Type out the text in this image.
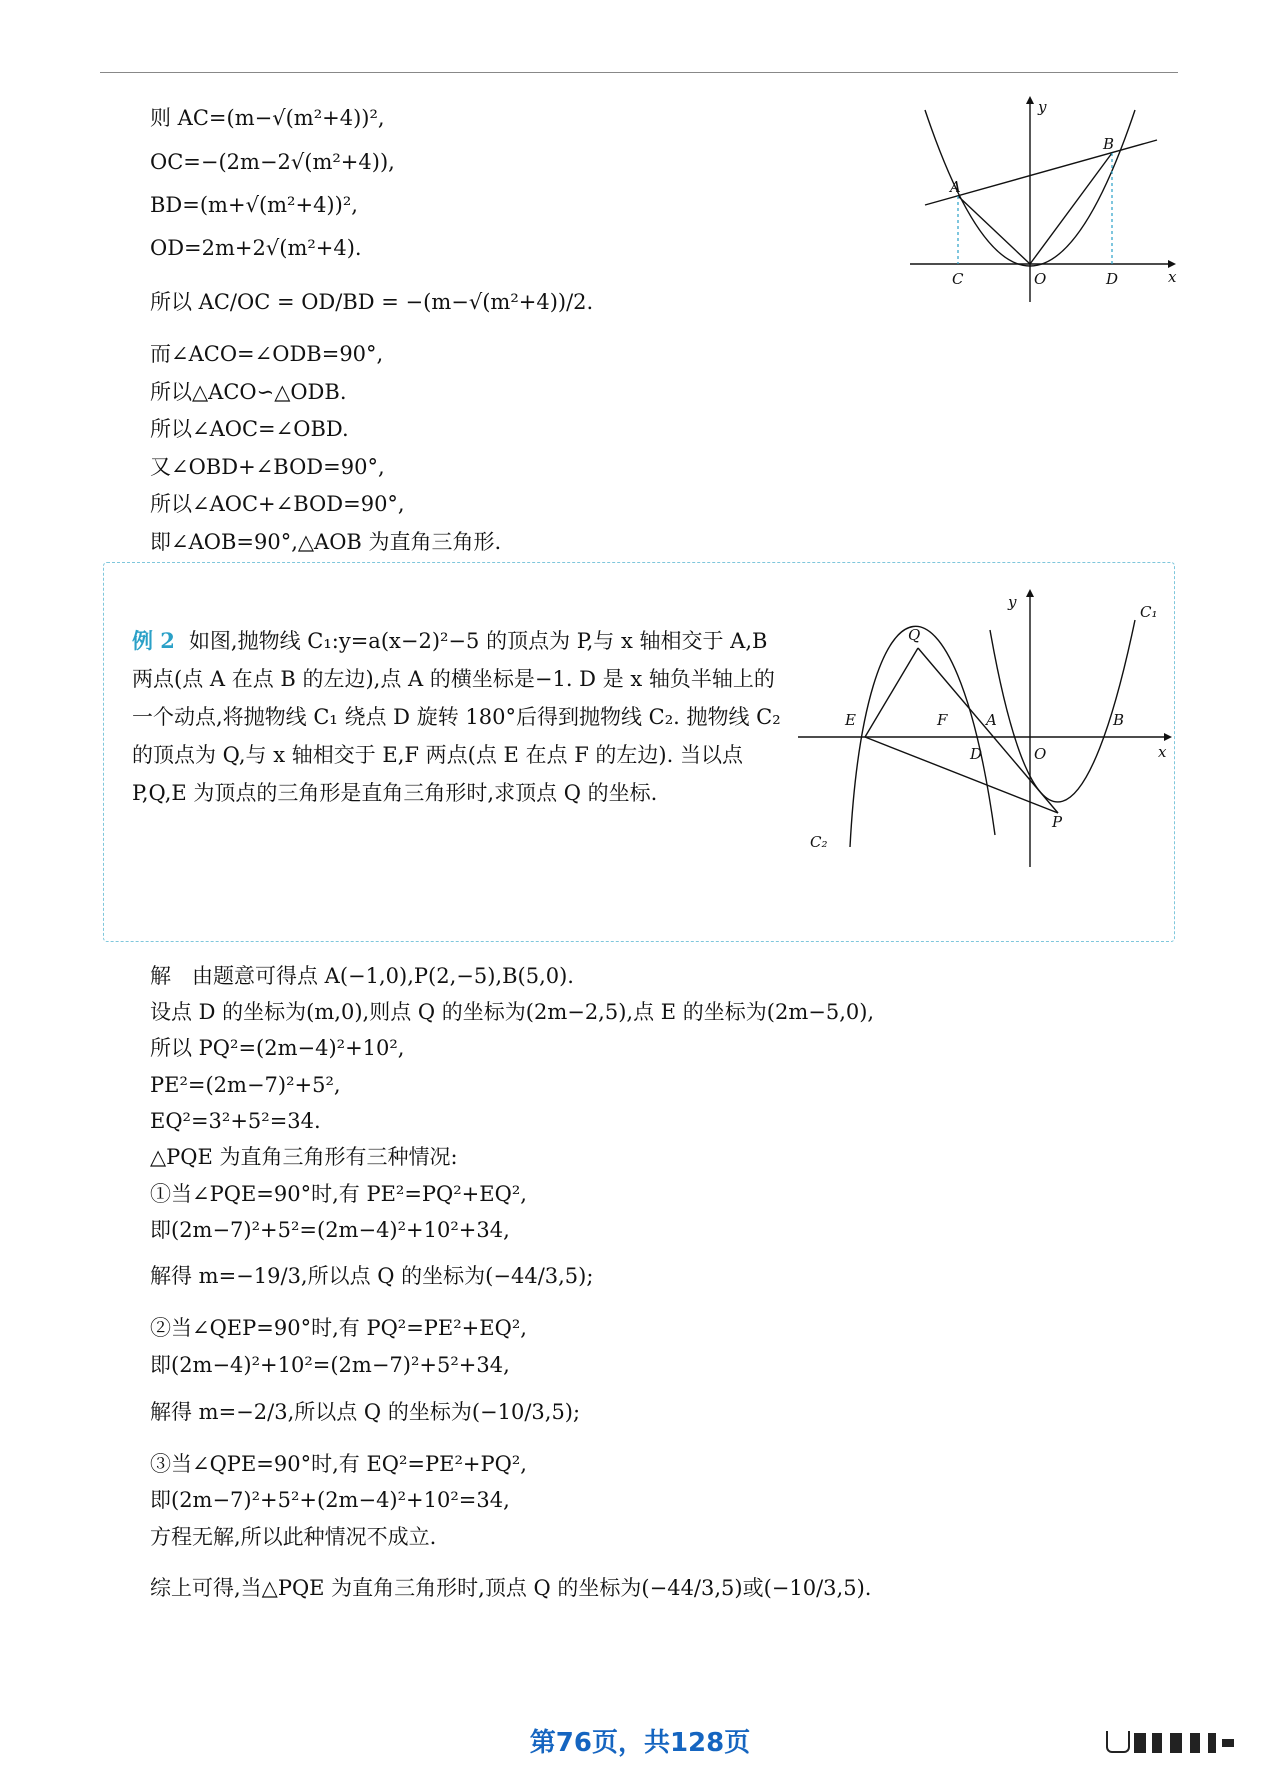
则 AC=(m−√(m²+4))²,
OC=−(2m−2√(m²+4)),
BD=(m+√(m²+4))²,
OD=2m+2√(m²+4).
所以 AC/OC = OD/BD = −(m−√(m²+4))/2.
而∠ACO=∠ODB=90°,
所以△ACO∽△ODB.
所以∠AOC=∠OBD.
又∠OBD+∠BOD=90°,
所以∠AOC+∠BOD=90°,
即∠AOB=90°,△AOB 为直角三角形.
y
x
A
B
C	O	D
例 2 如图,抛物线 C₁:y=a(x−2)²−5 的顶点为 P,与 x 轴相交于 A,B 两点(点 A 在点 B 的左边),点 A 的横坐标是−1. D 是 x 轴负半轴上的一个动点,将抛物线 C₁ 绕点 D 旋转 180°后得到抛物线 C₂. 抛物线 C₂ 的顶点为 Q,与 x 轴相交于 E,F 两点(点 E 在点 F 的左边). 当以点 P,Q,E 为顶点的三角形是直角三角形时,求顶点 Q 的坐标.
y
x
Q
C₁
C₂
E	F	A	B
D	O
P
解　由题意可得点 A(−1,0),P(2,−5),B(5,0).
设点 D 的坐标为(m,0),则点 Q 的坐标为(2m−2,5),点 E 的坐标为(2m−5,0),
所以 PQ²=(2m−4)²+10²,
PE²=(2m−7)²+5²,
EQ²=3²+5²=34.
△PQE 为直角三角形有三种情况:
①当∠PQE=90°时,有 PE²=PQ²+EQ²,
即(2m−7)²+5²=(2m−4)²+10²+34,
解得 m=−19/3,所以点 Q 的坐标为(−44/3,5);
②当∠QEP=90°时,有 PQ²=PE²+EQ²,
即(2m−4)²+10²=(2m−7)²+5²+34,
解得 m=−2/3,所以点 Q 的坐标为(−10/3,5);
③当∠QPE=90°时,有 EQ²=PE²+PQ²,
即(2m−7)²+5²+(2m−4)²+10²=34,
方程无解,所以此种情况不成立.
综上可得,当△PQE 为直角三角形时,顶点 Q 的坐标为(−44/3,5)或(−10/3,5).
第76页，共128页
